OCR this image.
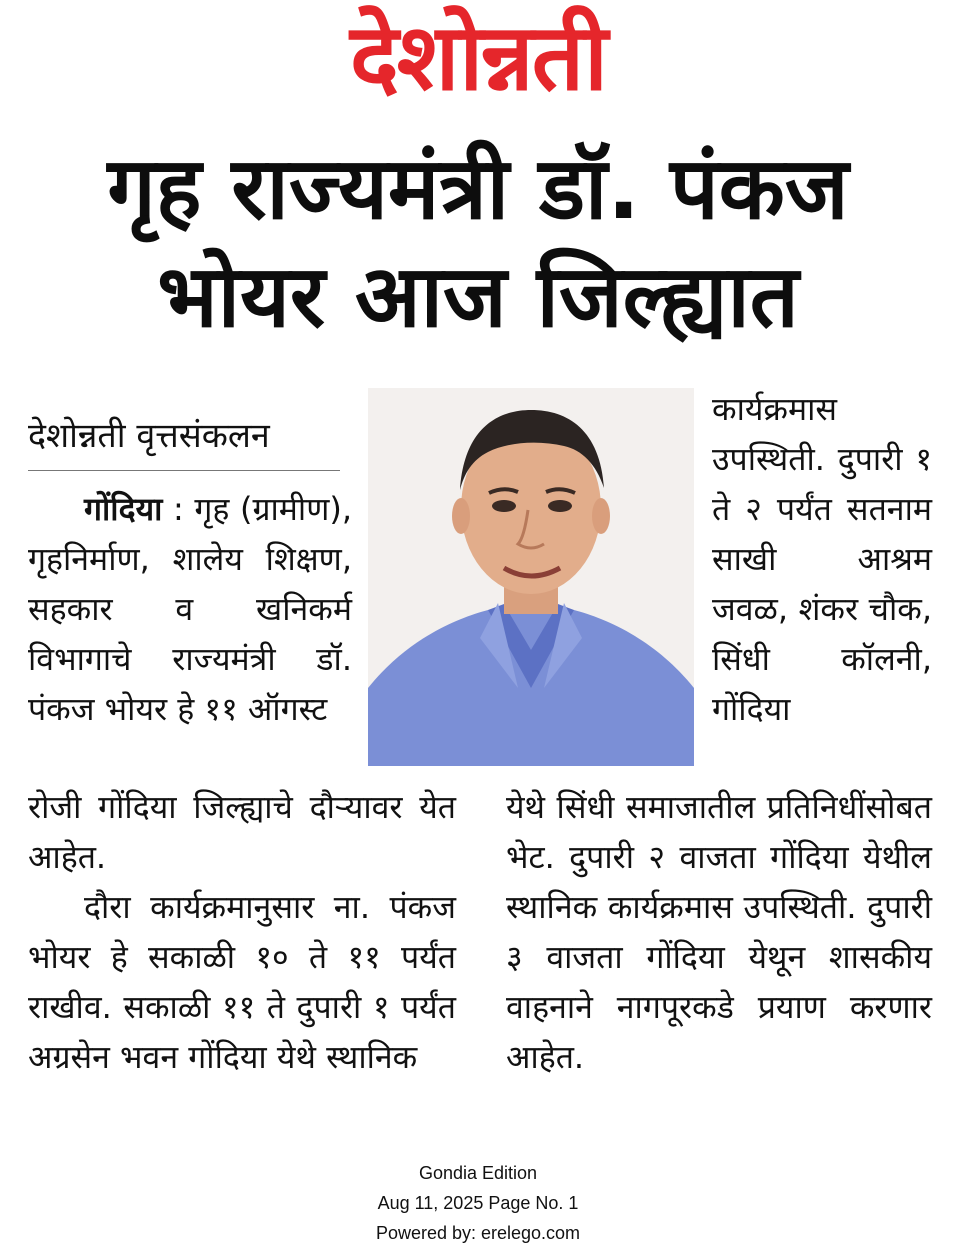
देशोन्नती
गृह राज्यमंत्री डॉ. पंकज
भोयर आज जिल्ह्यात
देशोन्नती वृत्तसंकलन

गोंदिया : गृह (ग्रामीण), गृहनिर्माण, शालेय शिक्षण, सहकार व खनिकर्म विभागाचे राज्यमंत्री डॉ. पंकज भोयर हे ११ ऑगस्ट

कार्यक्रमास उपस्थिती. दुपारी १ ते २ पर्यंत सतनाम साखी आश्रम जवळ, शंकर चौक, सिंधी कॉलनी, गोंदिया

रोजी गोंदिया जिल्ह्याचे दौऱ्यावर येत आहेत.

दौरा कार्यक्रमानुसार ना. पंकज भोयर हे सकाळी १० ते ११ पर्यंत राखीव. सकाळी ११ ते दुपारी १ पर्यंत अग्रसेन भवन गोंदिया येथे स्थानिक

येथे सिंधी समाजातील प्रतिनिधींसोबत भेट. दुपारी २ वाजता गोंदिया येथील स्थानिक कार्यक्रमास उपस्थिती. दुपारी ३ वाजता गोंदिया येथून शासकीय वाहनाने नागपूरकडे प्रयाण करणार आहेत.

Gondia Edition
Aug 11, 2025 Page No. 1
Powered by: erelego.com
